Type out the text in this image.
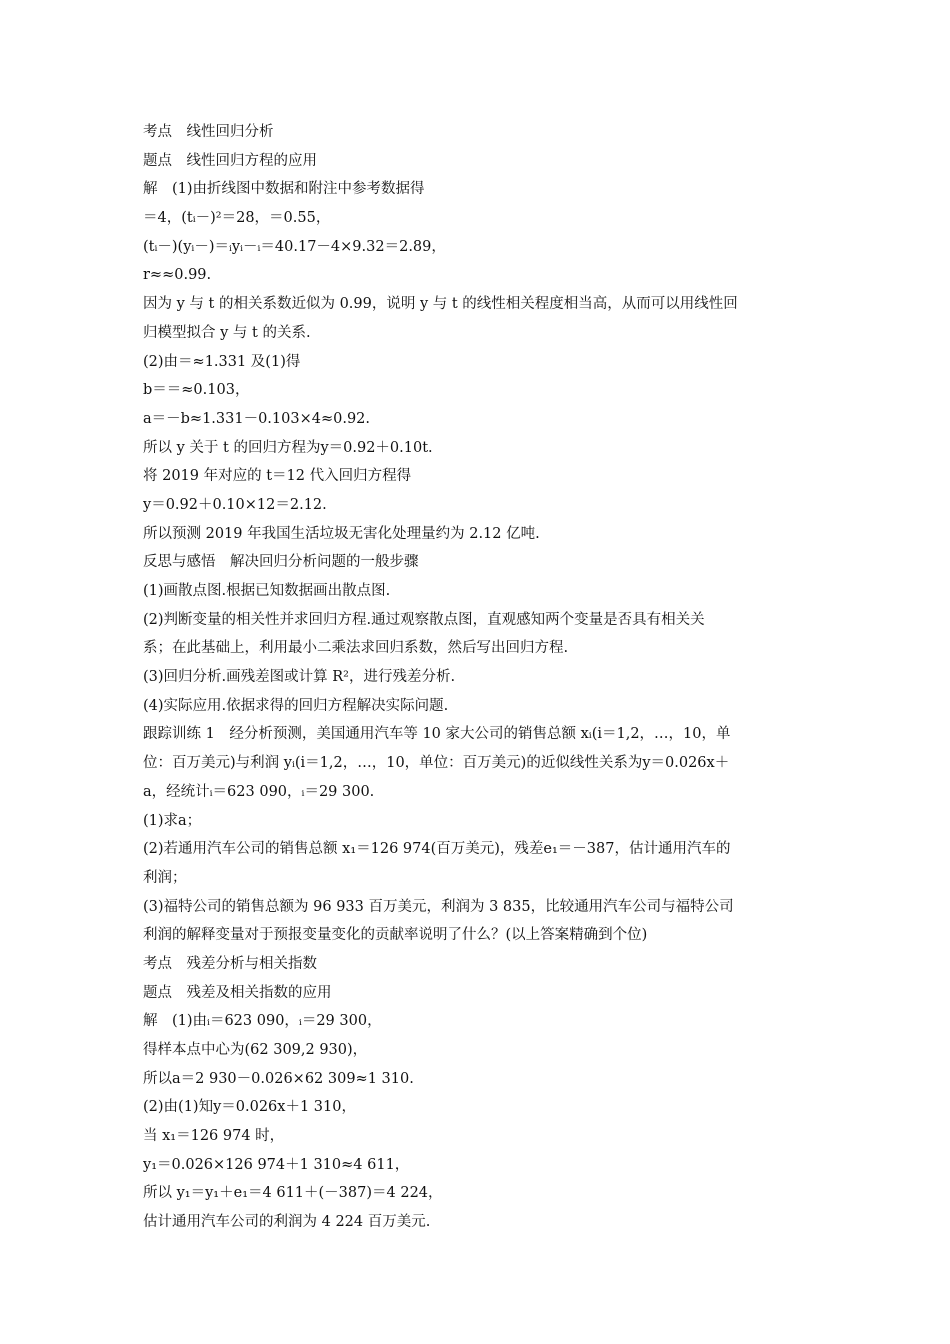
考点　线性回归分析
题点　线性回归方程的应用
解　(1)由折线图中数据和附注中参考数据得
＝4，(tᵢ－)²＝28，＝0.55，
(tᵢ－)(yᵢ－)＝ᵢyᵢ－ᵢ＝40.17－4×9.32＝2.89，
r≈≈0.99.
因为 y 与 t 的相关系数近似为 0.99，说明 y 与 t 的线性相关程度相当高，从而可以用线性回
归模型拟合 y 与 t 的关系.
(2)由＝≈1.331 及(1)得
b＝＝≈0.103，
a＝－b≈1.331－0.103×4≈0.92.
所以 y 关于 t 的回归方程为y＝0.92＋0.10t.
将 2019 年对应的 t＝12 代入回归方程得
y＝0.92＋0.10×12＝2.12.
所以预测 2019 年我国生活垃圾无害化处理量约为 2.12 亿吨.
反思与感悟　解决回归分析问题的一般步骤
(1)画散点图.根据已知数据画出散点图.
(2)判断变量的相关性并求回归方程.通过观察散点图，直观感知两个变量是否具有相关关
系；在此基础上，利用最小二乘法求回归系数，然后写出回归方程.
(3)回归分析.画残差图或计算 R²，进行残差分析.
(4)实际应用.依据求得的回归方程解决实际问题.
跟踪训练 1　经分析预测，美国通用汽车等 10 家大公司的销售总额 xᵢ(i＝1,2，…，10，单
位：百万美元)与利润 yᵢ(i＝1,2，…，10，单位：百万美元)的近似线性关系为y＝0.026x＋
a，经统计ᵢ＝623 090，ᵢ＝29 300.
(1)求a；
(2)若通用汽车公司的销售总额 x₁＝126 974(百万美元)，残差e₁＝－387，估计通用汽车的
利润；
(3)福特公司的销售总额为 96 933 百万美元，利润为 3 835，比较通用汽车公司与福特公司
利润的解释变量对于预报变量变化的贡献率说明了什么？(以上答案精确到个位)
考点　残差分析与相关指数
题点　残差及相关指数的应用
解　(1)由ᵢ＝623 090，ᵢ＝29 300，
得样本点中心为(62 309,2 930)，
所以a＝2 930－0.026×62 309≈1 310.
(2)由(1)知y＝0.026x＋1 310，
当 x₁＝126 974 时，
y₁＝0.026×126 974＋1 310≈4 611，
所以 y₁＝y₁＋e₁＝4 611＋(－387)＝4 224，
估计通用汽车公司的利润为 4 224 百万美元.
